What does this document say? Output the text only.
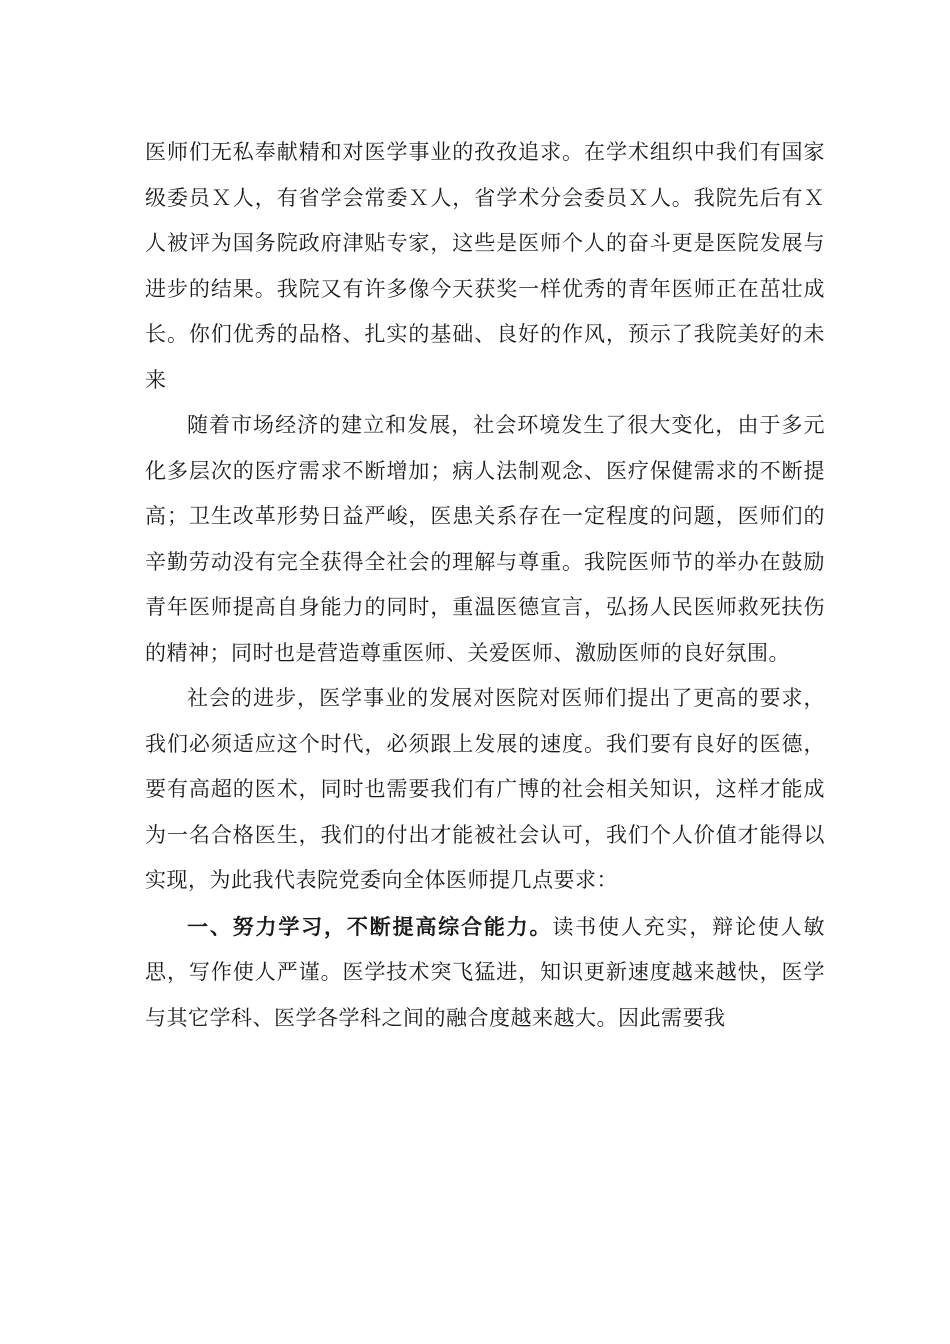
医师们无私奉献精和对医学事业的孜孜追求。在学术组织中我们有国家级委员Ｘ人，有省学会常委Ｘ人，省学术分会委员Ｘ人。我院先后有Ｘ人被评为国务院政府津贴专家，这些是医师个人的奋斗更是医院发展与进步的结果。我院又有许多像今天获奖一样优秀的青年医师正在茁壮成长。你们优秀的品格、扎实的基础、良好的作风，预示了我院美好的未来

随着市场经济的建立和发展，社会环境发生了很大变化，由于多元化多层次的医疗需求不断增加；病人法制观念、医疗保健需求的不断提高；卫生改革形势日益严峻，医患关系存在一定程度的问题，医师们的辛勤劳动没有完全获得全社会的理解与尊重。我院医师节的举办在鼓励青年医师提高自身能力的同时，重温医德宣言，弘扬人民医师救死扶伤的精神；同时也是营造尊重医师、关爱医师、激励医师的良好氛围。

社会的进步，医学事业的发展对医院对医师们提出了更高的要求，我们必须适应这个时代，必须跟上发展的速度。我们要有良好的医德，要有高超的医术，同时也需要我们有广博的社会相关知识，这样才能成为一名合格医生，我们的付出才能被社会认可，我们个人价值才能得以实现，为此我代表院党委向全体医师提几点要求：

一、努力学习，不断提高综合能力。读书使人充实，辩论使人敏思，写作使人严谨。医学技术突飞猛进，知识更新速度越来越快，医学与其它学科、医学各学科之间的融合度越来越大。因此需要我
